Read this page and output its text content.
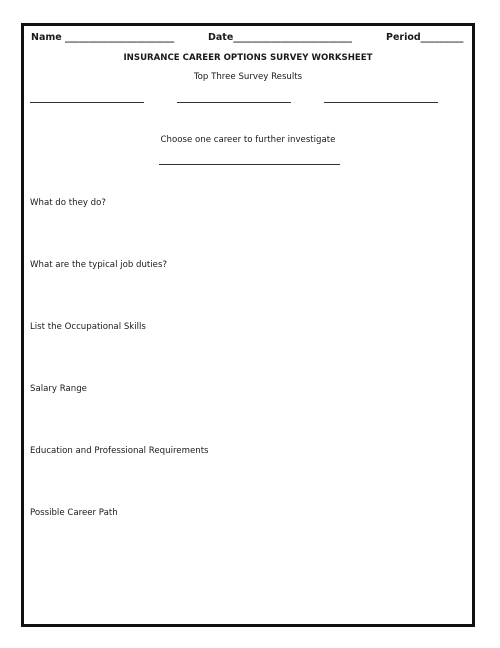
Name _______________________	Date_________________________	Period_________
INSURANCE CAREER OPTIONS SURVEY WORKSHEET
Top Three Survey Results
Choose one career to further investigate
What do they do?
What are the typical job duties?
List the Occupational Skills
Salary Range
Education and Professional Requirements
Possible Career Path
